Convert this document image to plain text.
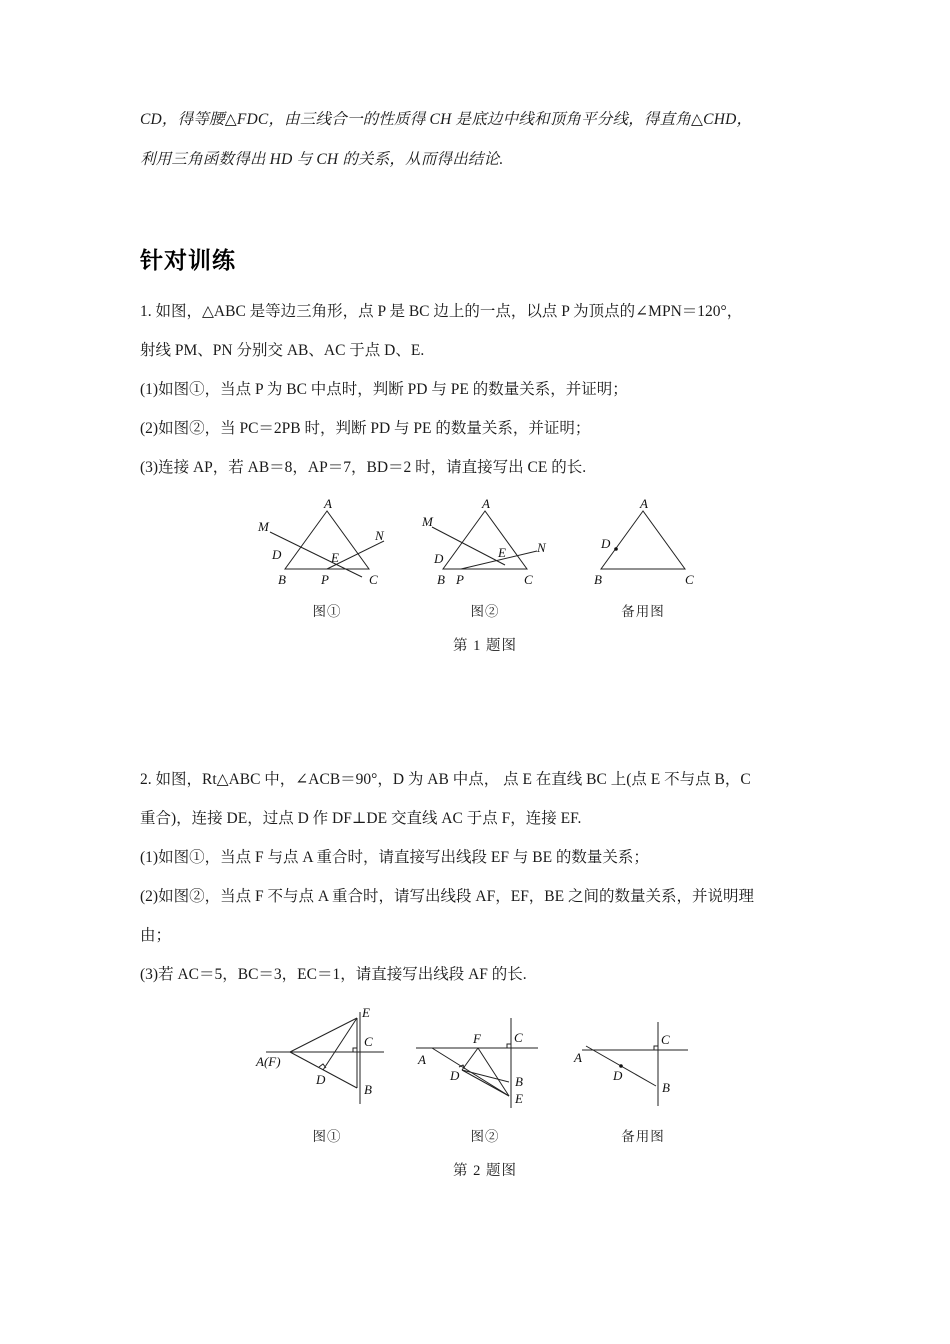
CD，得等腰△FDC，由三线合一的性质得 CH 是底边中线和顶角平分线，得直角△CHD，
利用三角函数得出 HD 与 CH 的关系，从而得出结论.
针对训练
1. 如图，△ABC 是等边三角形，点 P 是 BC 边上的一点，以点 P 为顶点的∠MPN＝120°，
射线 PM、PN 分别交 AB、AC 于点 D、E.
(1)如图①，当点 P 为 BC 中点时，判断 PD 与 PE 的数量关系，并证明；
(2)如图②，当 PC＝2PB 时，判断 PD 与 PE 的数量关系，并证明；
(3)连接 AP，若 AB＝8，AP＝7，BD＝2 时，请直接写出 CE 的长.
A
M
N
D	E
B	P	C
图①
A
M
N
D	E
B P	C
图②
A
D
B	C
备用图
第 1 题图
2. 如图，Rt△ABC 中，∠ACB＝90°，D 为 AB 中点， 点 E 在直线 BC 上(点 E 不与点 B，C
重合)，连接 DE，过点 D 作 DF⊥DE 交直线 AC 于点 F，连接 EF.
(1)如图①，当点 F 与点 A 重合时，请直接写出线段 EF 与 BE 的数量关系；
(2)如图②，当点 F 不与点 A 重合时，请写出线段 AF，EF，BE 之间的数量关系，并说明理
由；
(3)若 AC＝5，BC＝3，EC＝1，请直接写出线段 AF 的长.
E
C
A(F)
D
B
图①
F	C
A
D	B
E
图②
C
A
D
B
备用图
第 2 题图
